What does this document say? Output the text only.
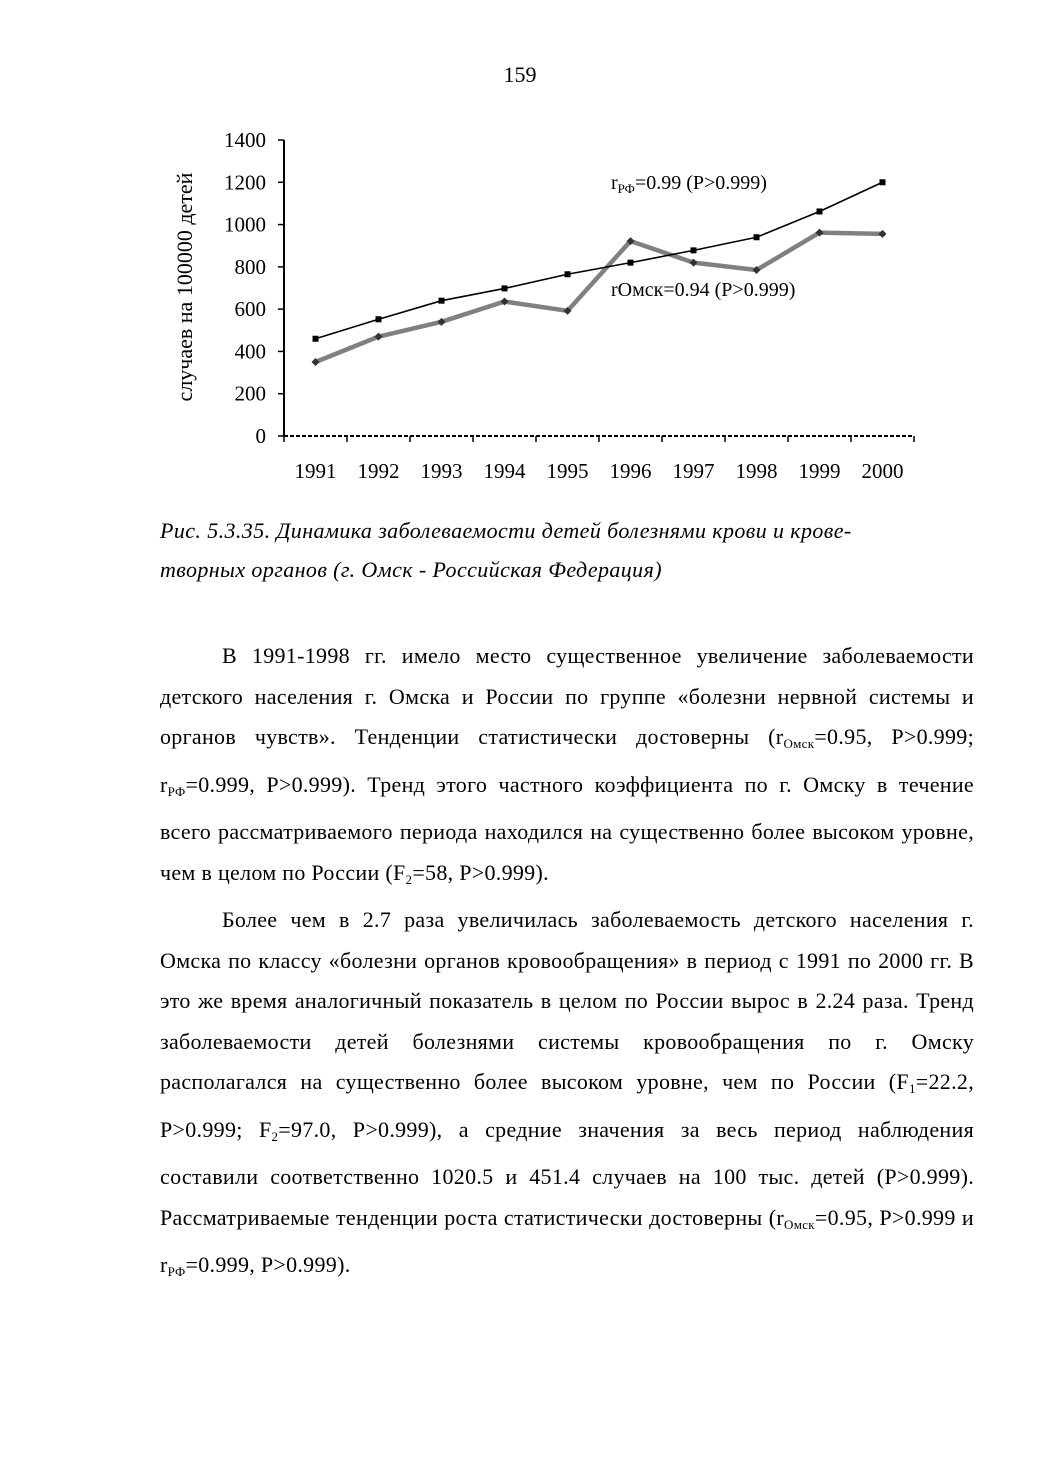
159
0
200
400
600
800
1000
1200
1400
1991 1992 1993 1994 1995 1996 1997 1998 1999 2000
случаев на 100000 детей	$r_{РФ}=0.99$ (P>0.999)
rОмск=0.94 (P>0.999)
Рис. 5.3.35. Динамика заболеваемости детей болезнями крови и крове-
творных органов (г. Омск - Российская Федерация)

В 1991-1998 гг. имело место существенное увеличение заболеваемости детского населения г. Омска и России по группе «болезни нервной системы и органов чувств». Тенденции статистически достоверны ($r_{Омск}=0.95$, P>0.999; $r_{РФ}=0.999$, P>0.999). Тренд этого частного коэффициента по г. Омску в течение всего рассматриваемого периода находился на существенно более высоком уровне, чем в целом по России ($F_2=58$, P>0.999).

Более чем в 2.7 раза увеличилась заболеваемость детского населения г. Омска по классу «болезни органов кровообращения» в период с 1991 по 2000 гг. В это же время аналогичный показатель в целом по России вырос в 2.24 раза. Тренд заболеваемости детей болезнями системы кровообращения по г. Омску располагался на существенно более высоком уровне, чем по России ($F_1=22.2$, P>0.999; $F_2=97.0$, P>0.999), а средние значения за весь период наблюдения составили соответственно 1020.5 и 451.4 случаев на 100 тыс. детей (P>0.999). Рассматриваемые тенденции роста статистически достоверны ($r_{Омск}=0.95$, P>0.999 и $r_{РФ}=0.999$, P>0.999).
